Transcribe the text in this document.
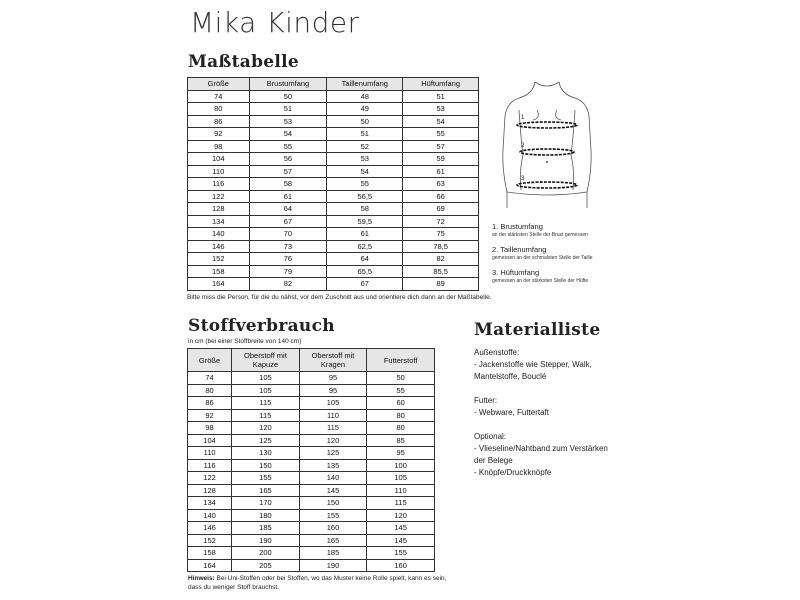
Mika Kinder
Maßtabelle
Größe	Brustumfang	Taillenumfang	Hüftumfang
74	50	48	51
80	51	49	53
86	53	50	54
92	54	51	55
98	55	52	57
104	56	53	59
110	57	54	61
116	58	55	63
122	61	56,5	66
128	64	58	69
134	67	59,5	72
140	70	61	75
146	73	62,5	78,5
152	76	64	82
158	79	65,5	85,5
164	82	67	89
Bitte miss die Person, für die du nähst, vor dem Zuschnitt aus und orientiere dich dann an der Maßtabelle.
1
2
3
1. Brustumfang
an der stärksten Stelle der Brust gemessen
2. Taillenumfang
gemessen an der schmalsten Stelle der Taille
3. Hüftumfang
gemessen an der stärksten Stelle der Hüfte
Stoffverbrauch
in cm (bei einer Stoffbreite von 140 cm)
Größe	Oberstoff mit Kapuze	Oberstoff mit Kragen	Futterstoff
74	105	95	50
80	105	95	55
86	115	105	60
92	115	110	80
98	120	115	80
104	125	120	85
110	130	125	95
116	150	135	100
122	155	140	105
128	165	145	110
134	170	150	115
140	180	155	120
146	185	160	145
152	190	165	145
158	200	185	155
164	205	190	160
Hinweis: Bei Uni-Stoffen oder bei Stoffen, wo das Muster keine Rolle spielt, kann es sein, dass du weniger Stoff brauchst.
Materialliste
Außenstoffe:
- Jackenstoffe wie Stepper, Walk,
Mantelstoffe, Bouclé
Futter:
- Webware, Futtertaft
Optional:
- Vlieseline/Nahtband zum Verstärken
der Belege
- Knöpfe/Druckknöpfe
